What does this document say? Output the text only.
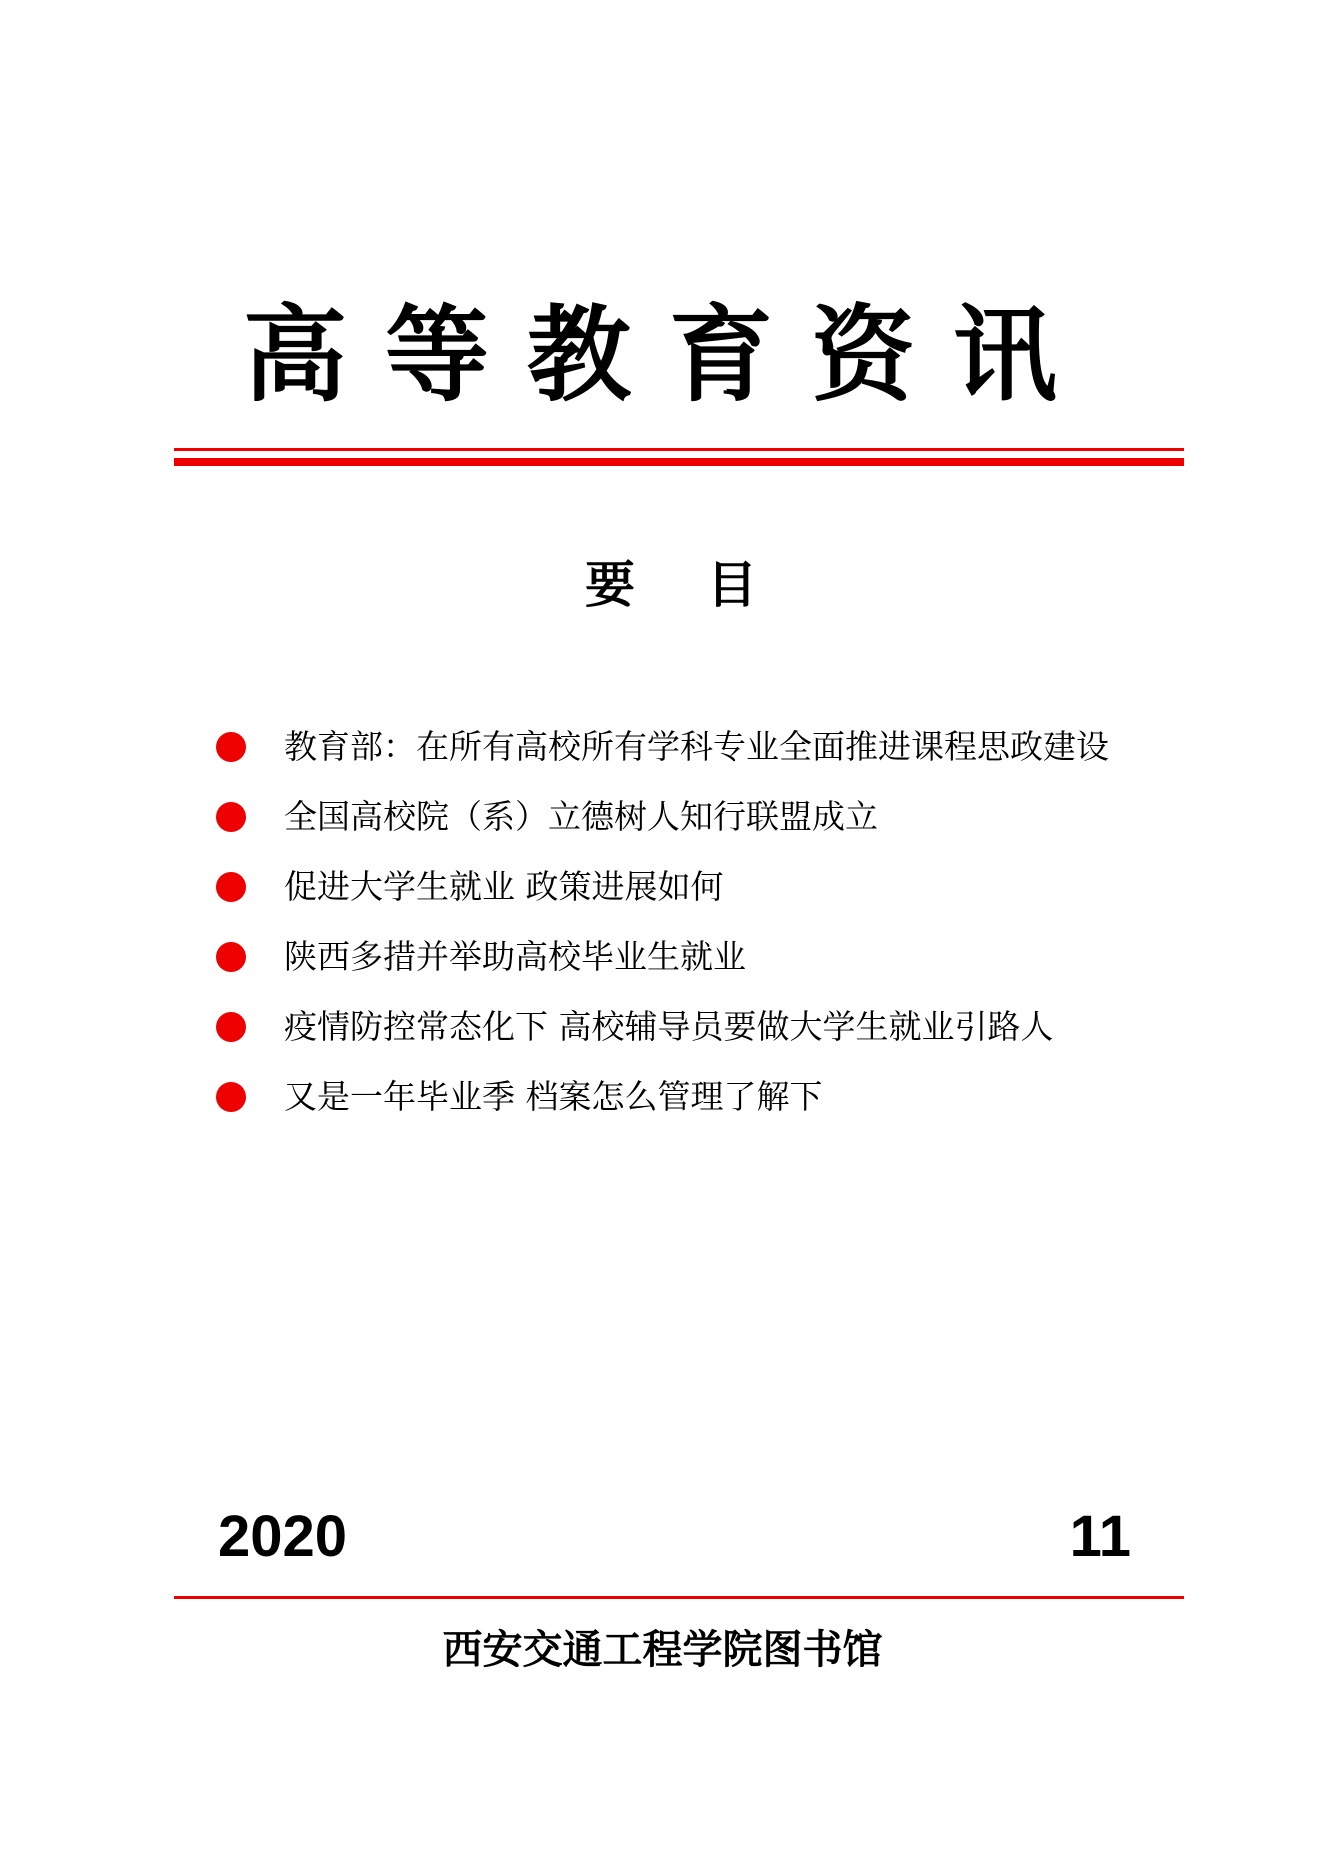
高 等 教 育 资 讯
要 目
教育部：在所有高校所有学科专业全面推进课程思政建设
全国高校院（系）立德树人知行联盟成立
促进大学生就业 政策进展如何
陕西多措并举助高校毕业生就业
疫情防控常态化下 高校辅导员要做大学生就业引路人
又是一年毕业季 档案怎么管理了解下
2020	11
西安交通工程学院图书馆
